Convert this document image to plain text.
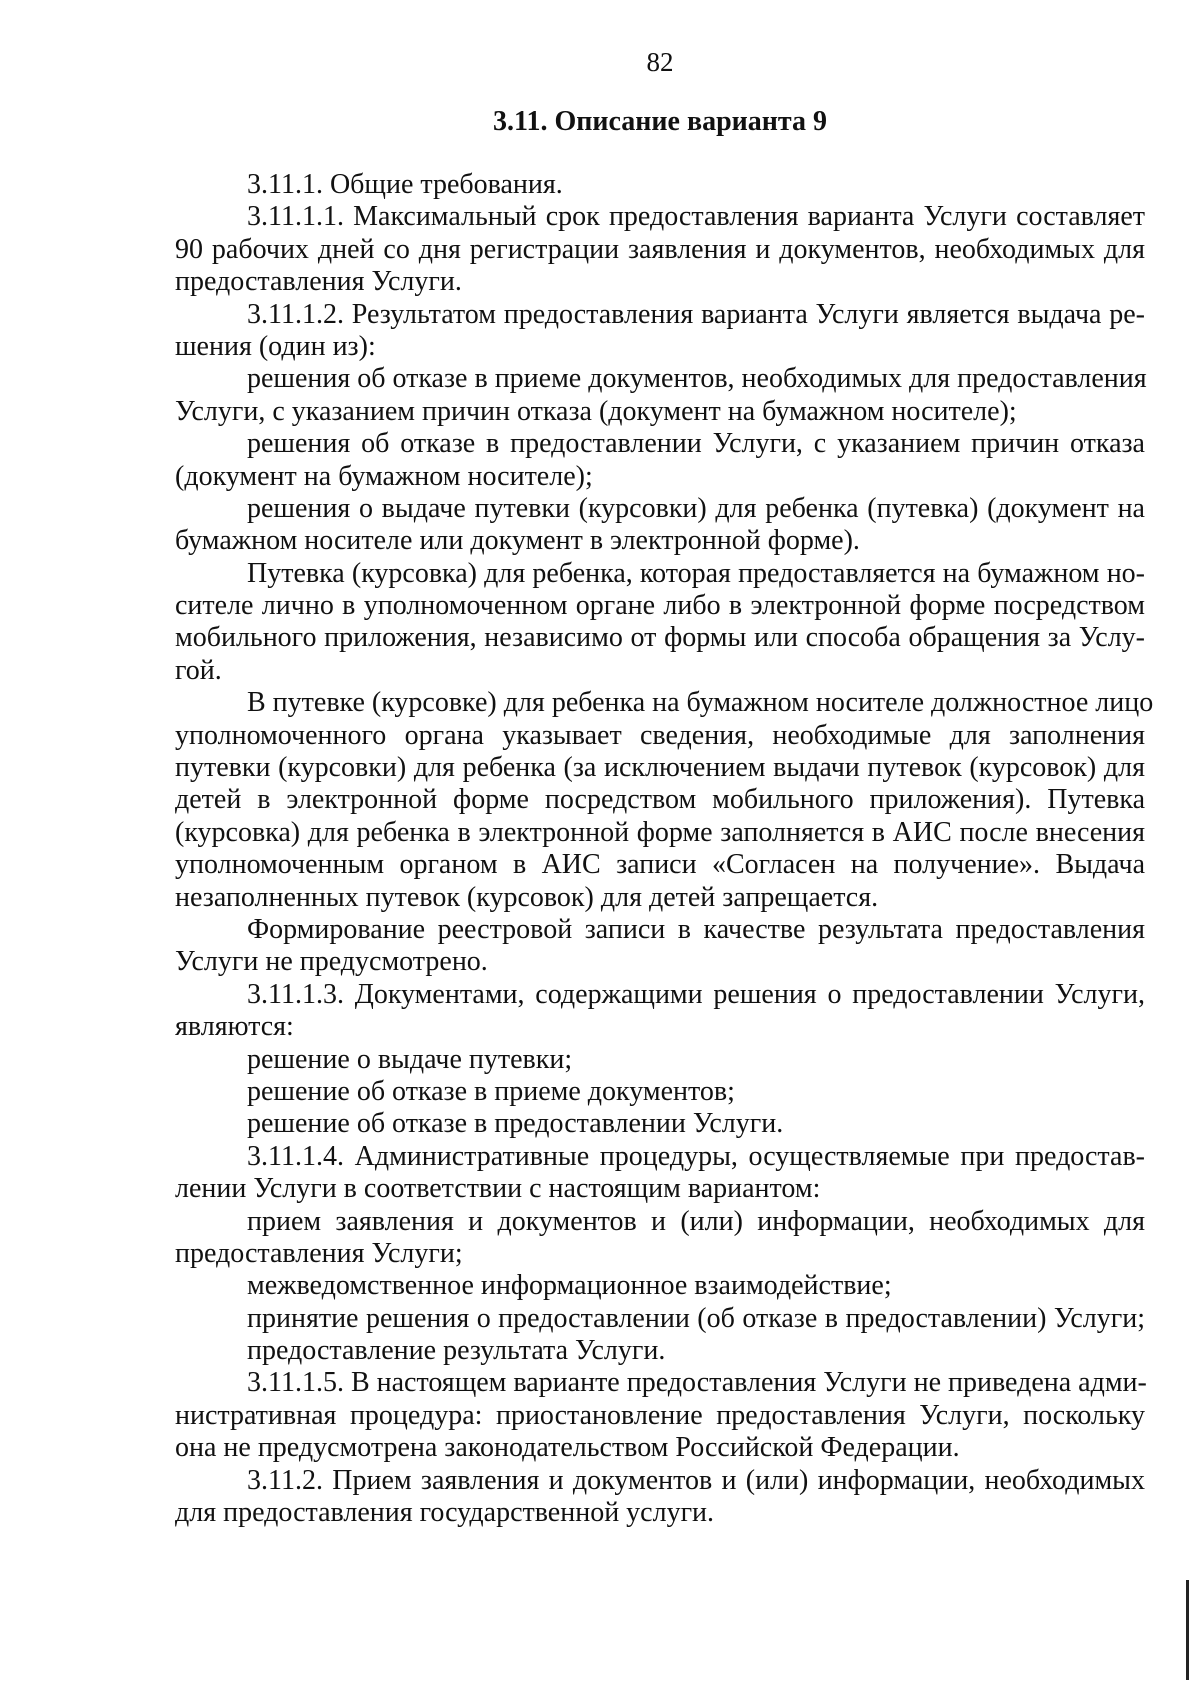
82
3.11. Описание варианта 9
3.11.1. Общие требования.
3.11.1.1. Максимальный срок предоставления варианта Услуги составляет
90 рабочих дней со дня регистрации заявления и документов, необходимых для
предоставления Услуги.
3.11.1.2. Результатом предоставления варианта Услуги является выдача ре-
шения (один из):
решения об отказе в приеме документов, необходимых для предоставления
Услуги, с указанием причин отказа (документ на бумажном носителе);
решения об отказе в предоставлении Услуги, с указанием причин отказа
(документ на бумажном носителе);
решения о выдаче путевки (курсовки) для ребенка (путевка) (документ на
бумажном носителе или документ в электронной форме).
Путевка (курсовка) для ребенка, которая предоставляется на бумажном но-
сителе лично в уполномоченном органе либо в электронной форме посредством
мобильного приложения, независимо от формы или способа обращения за Услу-
гой.
В путевке (курсовке) для ребенка на бумажном носителе должностное лицо
уполномоченного органа указывает сведения, необходимые для заполнения
путевки (курсовки) для ребенка (за исключением выдачи путевок (курсовок) для
детей в электронной форме посредством мобильного приложения). Путевка
(курсовка) для ребенка в электронной форме заполняется в АИС после внесения
уполномоченным органом в АИС записи «Согласен на получение». Выдача
незаполненных путевок (курсовок) для детей запрещается.
Формирование реестровой записи в качестве результата предоставления
Услуги не предусмотрено.
3.11.1.3. Документами, содержащими решения о предоставлении Услуги,
являются:
решение о выдаче путевки;
решение об отказе в приеме документов;
решение об отказе в предоставлении Услуги.
3.11.1.4. Административные процедуры, осуществляемые при предостав-
лении Услуги в соответствии с настоящим вариантом:
прием заявления и документов и (или) информации, необходимых для
предоставления Услуги;
межведомственное информационное взаимодействие;
принятие решения о предоставлении (об отказе в предоставлении) Услуги;
предоставление результата Услуги.
3.11.1.5. В настоящем варианте предоставления Услуги не приведена адми-
нистративная процедура: приостановление предоставления Услуги, поскольку
она не предусмотрена законодательством Российской Федерации.
3.11.2. Прием заявления и документов и (или) информации, необходимых
для предоставления государственной услуги.
